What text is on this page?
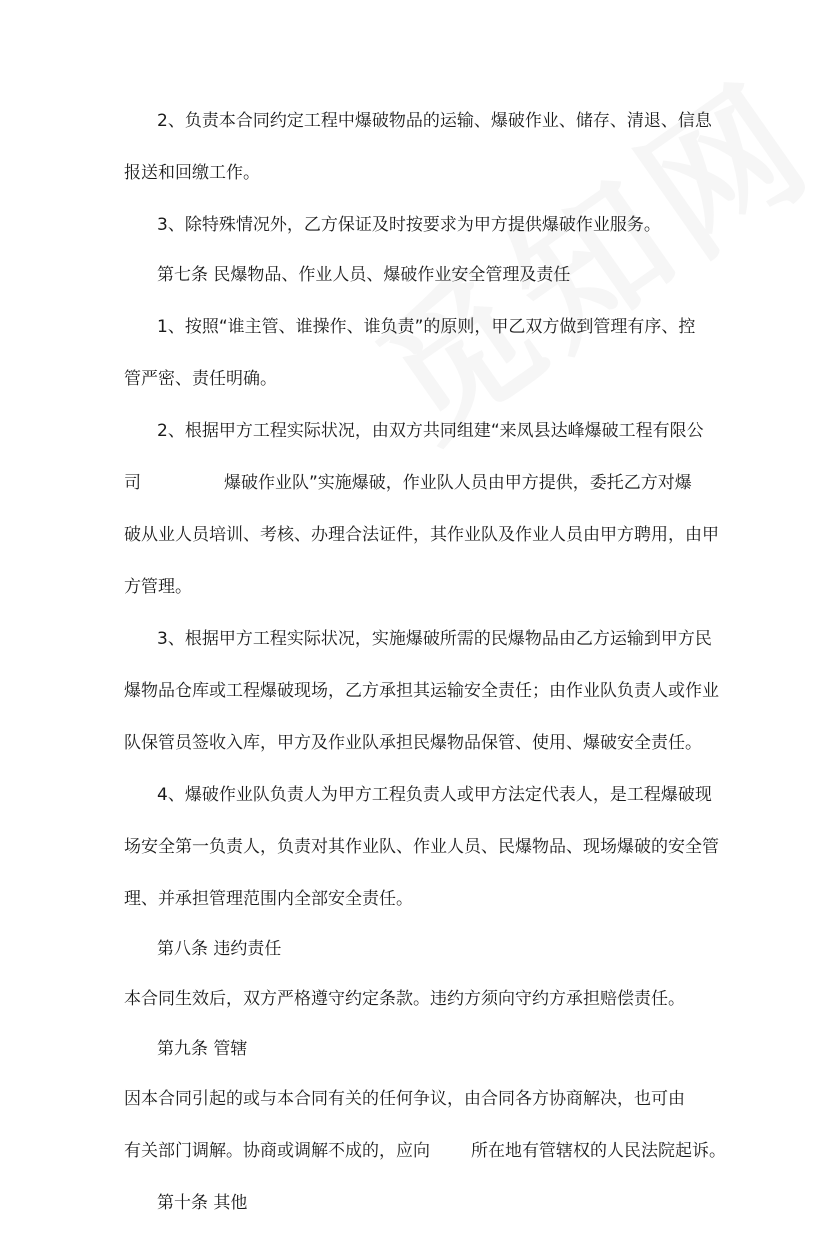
2、负责本合同约定工程中爆破物品的运输、爆破作业、储存、清退、信息
报送和回缴工作。
3、除特殊情况外，乙方保证及时按要求为甲方提供爆破作业服务。
第七条 民爆物品、作业人员、爆破作业安全管理及责任
1、按照“谁主管、谁操作、谁负责”的原则，甲乙双方做到管理有序、控
管严密、责任明确。
2、根据甲方工程实际状况，由双方共同组建“来凤县达峰爆破工程有限公
司	爆破作业队”实施爆破，作业队人员由甲方提供，委托乙方对爆
破从业人员培训、考核、办理合法证件，其作业队及作业人员由甲方聘用，由甲
方管理。
3、根据甲方工程实际状况，实施爆破所需的民爆物品由乙方运输到甲方民
爆物品仓库或工程爆破现场，乙方承担其运输安全责任；由作业队负责人或作业
队保管员签收入库，甲方及作业队承担民爆物品保管、使用、爆破安全责任。
4、爆破作业队负责人为甲方工程负责人或甲方法定代表人，是工程爆破现
场安全第一负责人，负责对其作业队、作业人员、民爆物品、现场爆破的安全管
理、并承担管理范围内全部安全责任。
第八条 违约责任
本合同生效后，双方严格遵守约定条款。违约方须向守约方承担赔偿责任。
第九条 管辖
因本合同引起的或与本合同有关的任何争议，由合同各方协商解决，也可由
有关部门调解。协商或调解不成的，应向 所在地有管辖权的人民法院起诉。
第十条 其他
